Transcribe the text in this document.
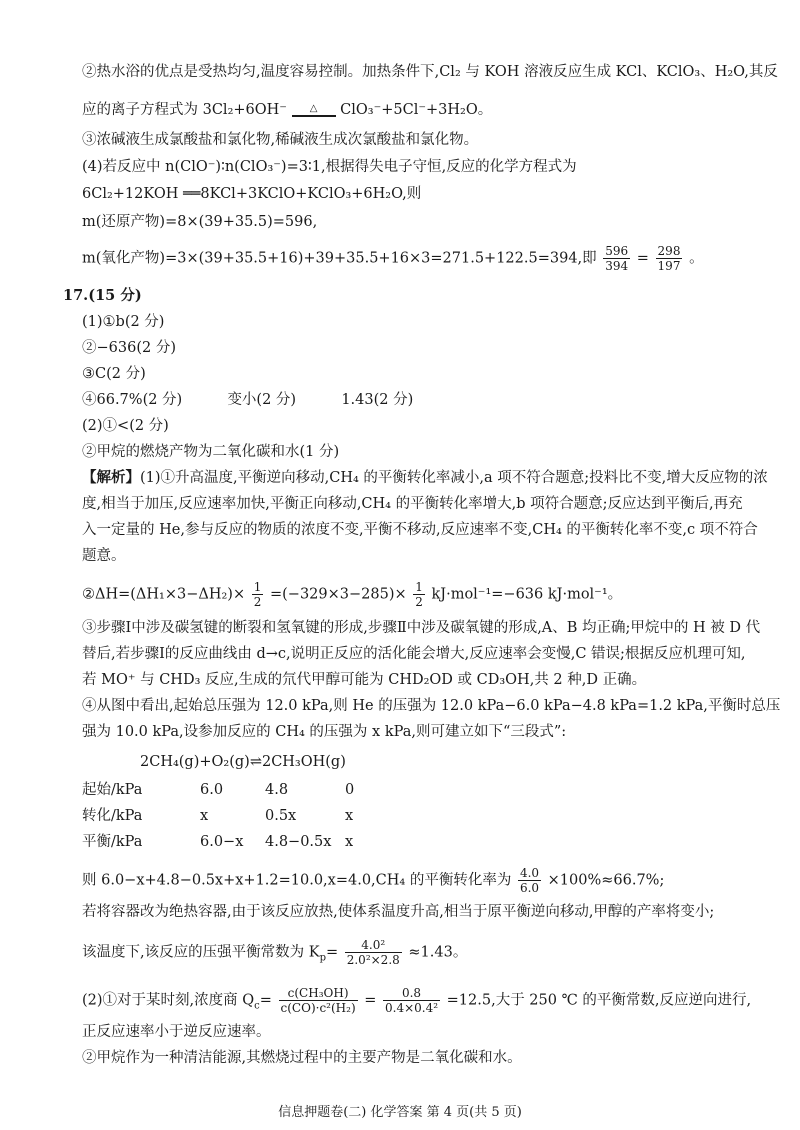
②热水浴的优点是受热均匀,温度容易控制。加热条件下,Cl₂ 与 KOH 溶液反应生成 KCl、KClO₃、H₂O,其反
应的离子方程式为 3Cl₂+6OH⁻	△	ClO₃⁻+5Cl⁻+3H₂O。
③浓碱液生成氯酸盐和氯化物,稀碱液生成次氯酸盐和氯化物。
(4)若反应中 n(ClO⁻)∶n(ClO₃⁻)=3∶1,根据得失电子守恒,反应的化学方程式为
6Cl₂+12KOH ══8KCl+3KClO+KClO₃+6H₂O,则
m(还原产物)=8×(39+35.5)=596,
m(氧化产物)=3×(39+35.5+16)+39+35.5+16×3=271.5+122.5=394,即 $\frac{596}{394} = \frac{298}{197}$ 。
17.(15 分)
(1)①b(2 分)
②−636(2 分)
③C(2 分)
④66.7%(2 分)	变小(2 分)	1.43(2 分)
(2)①<(2 分)
②甲烷的燃烧产物为二氧化碳和水(1 分)
【解析】(1)①升高温度,平衡逆向移动,CH₄ 的平衡转化率减小,a 项不符合题意;投料比不变,增大反应物的浓
度,相当于加压,反应速率加快,平衡正向移动,CH₄ 的平衡转化率增大,b 项符合题意;反应达到平衡后,再充
入一定量的 He,参与反应的物质的浓度不变,平衡不移动,反应速率不变,CH₄ 的平衡转化率不变,c 项不符合
题意。
②ΔH=(ΔH₁×3−ΔH₂)× $\frac{1}{2} =(-329\times 3-285)\times \frac{1}{2} kJ\cdot mol^{-1}=-636$ kJ·mol⁻¹。
③步骤Ⅰ中涉及碳氢键的断裂和氢氧键的形成,步骤Ⅱ中涉及碳氧键的形成,A、B 均正确;甲烷中的 H 被 D 代
替后,若步骤Ⅰ的反应曲线由 d→c,说明正反应的活化能会增大,反应速率会变慢,C 错误;根据反应机理可知,
若 MO⁺ 与 CHD₃ 反应,生成的氘代甲醇可能为 CHD₂OD 或 CD₃OH,共 2 种,D 正确。
④从图中看出,起始总压强为 12.0 kPa,则 He 的压强为 12.0 kPa−6.0 kPa−4.8 kPa=1.2 kPa,平衡时总压
强为 10.0 kPa,设参加反应的 CH₄ 的压强为 x kPa,则可建立如下“三段式”:
2CH₄(g)+O₂(g)⇌2CH₃OH(g)
起始/kPa	6.0	4.8	0
转化/kPa	x	0.5x	x
平衡/kPa	6.0−x 4.8−0.5x x
则 6.0−x+4.8−0.5x+x+1.2=10.0,x=4.0,CH₄ 的平衡转化率为 $\frac{4.0}{6.0} \times 100\%\approx 66.7\%$;
若将容器改为绝热容器,由于该反应放热,使体系温度升高,相当于原平衡逆向移动,甲醇的产率将变小;
该温度下,该反应的压强平衡常数为 $K_p= \frac{\text{4.0²}}{\text{2.0²×2.8}} \approx 1.43$。
(2)①对于某时刻,浓度商 $Q_c= \frac{\text{c(CH₃OH)}}{\text{c(CO)·c²(H₂)}} = \frac{0.8}{\text{0.4×0.4²}} =12.5$,大于 250 ℃ 的平衡常数,反应逆向进行,
正反应速率小于逆反应速率。
②甲烷作为一种清洁能源,其燃烧过程中的主要产物是二氧化碳和水。
信息押题卷(二) 化学答案 第 4 页(共 5 页)
